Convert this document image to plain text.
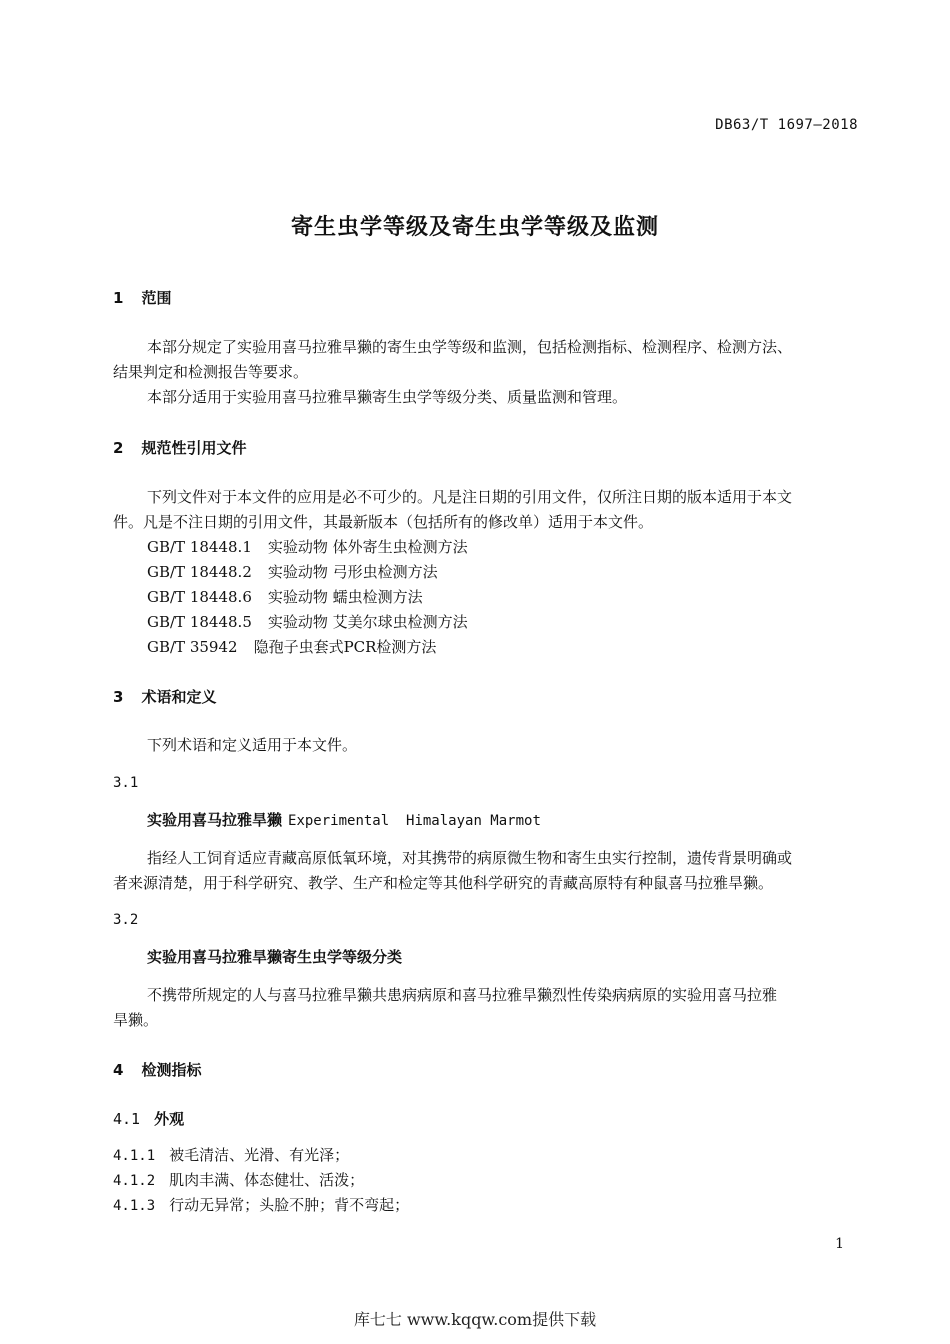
DB63/T 1697—2018
寄生虫学等级及寄生虫学等级及监测
1 范围
本部分规定了实验用喜马拉雅旱獭的寄生虫学等级和监测，包括检测指标、检测程序、检测方法、
结果判定和检测报告等要求。
本部分适用于实验用喜马拉雅旱獭寄生虫学等级分类、质量监测和管理。
2 规范性引用文件
下列文件对于本文件的应用是必不可少的。凡是注日期的引用文件，仅所注日期的版本适用于本文
件。凡是不注日期的引用文件，其最新版本（包括所有的修改单）适用于本文件。
GB/T 18448.1 实验动物 体外寄生虫检测方法
GB/T 18448.2 实验动物 弓形虫检测方法
GB/T 18448.6 实验动物 蠕虫检测方法
GB/T 18448.5 实验动物 艾美尔球虫检测方法
GB/T 35942 隐孢子虫套式PCR检测方法
3 术语和定义
下列术语和定义适用于本文件。
3.1
实验用喜马拉雅旱獭 Experimental  Himalayan Marmot
指经人工饲育适应青藏高原低氧环境，对其携带的病原微生物和寄生虫实行控制，遗传背景明确或
者来源清楚，用于科学研究、教学、生产和检定等其他科学研究的青藏高原特有种鼠喜马拉雅旱獭。
3.2
实验用喜马拉雅旱獭寄生虫学等级分类
不携带所规定的人与喜马拉雅旱獭共患病病原和喜马拉雅旱獭烈性传染病病原的实验用喜马拉雅
旱獭。
4 检测指标
4.1 外观
4.1.1 被毛清洁、光滑、有光泽；
4.1.2 肌肉丰满、体态健壮、活泼；
4.1.3 行动无异常；头脸不肿；背不弯起；
1
库七七 www.kqqw.com提供下载
